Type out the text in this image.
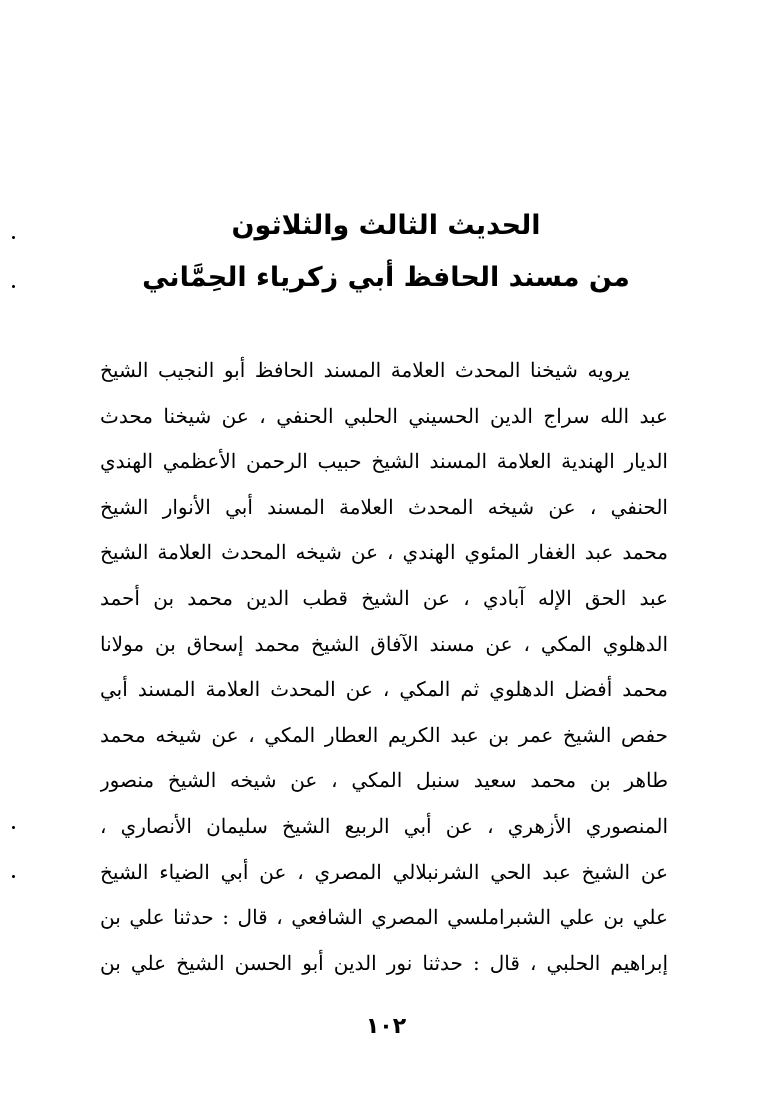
الحديث الثالث والثلاثون
من مسند الحافظ أبي زكرياء الحِمَّاني
يرويه شيخنا المحدث العلامة المسند الحافظ أبو النجيب الشيخ
عبد الله سراج الدين الحسيني الحلبي الحنفي ، عن شيخنا محدث
الديار الهندية العلامة المسند الشيخ حبيب الرحمن الأعظمي الهندي
الحنفي ، عن شيخه المحدث العلامة المسند أبي الأنوار الشيخ
محمد عبد الغفار المئوي الهندي ، عن شيخه المحدث العلامة الشيخ
عبد الحق الإله آبادي ، عن الشيخ قطب الدين محمد بن أحمد
الدهلوي المكي ، عن مسند الآفاق الشيخ محمد إسحاق بن مولانا
محمد أفضل الدهلوي ثم المكي ، عن المحدث العلامة المسند أبي
حفص الشيخ عمر بن عبد الكريم العطار المكي ، عن شيخه محمد
طاهر بن محمد سعيد سنبل المكي ، عن شيخه الشيخ منصور
المنصوري الأزهري ، عن أبي الربيع الشيخ سليمان الأنصاري ،
عن الشيخ عبد الحي الشرنبلالي المصري ، عن أبي الضياء الشيخ
علي بن علي الشبراملسي المصري الشافعي ، قال : حدثنا علي بن
إبراهيم الحلبي ، قال : حدثنا نور الدين أبو الحسن الشيخ علي بن
١٠٢
